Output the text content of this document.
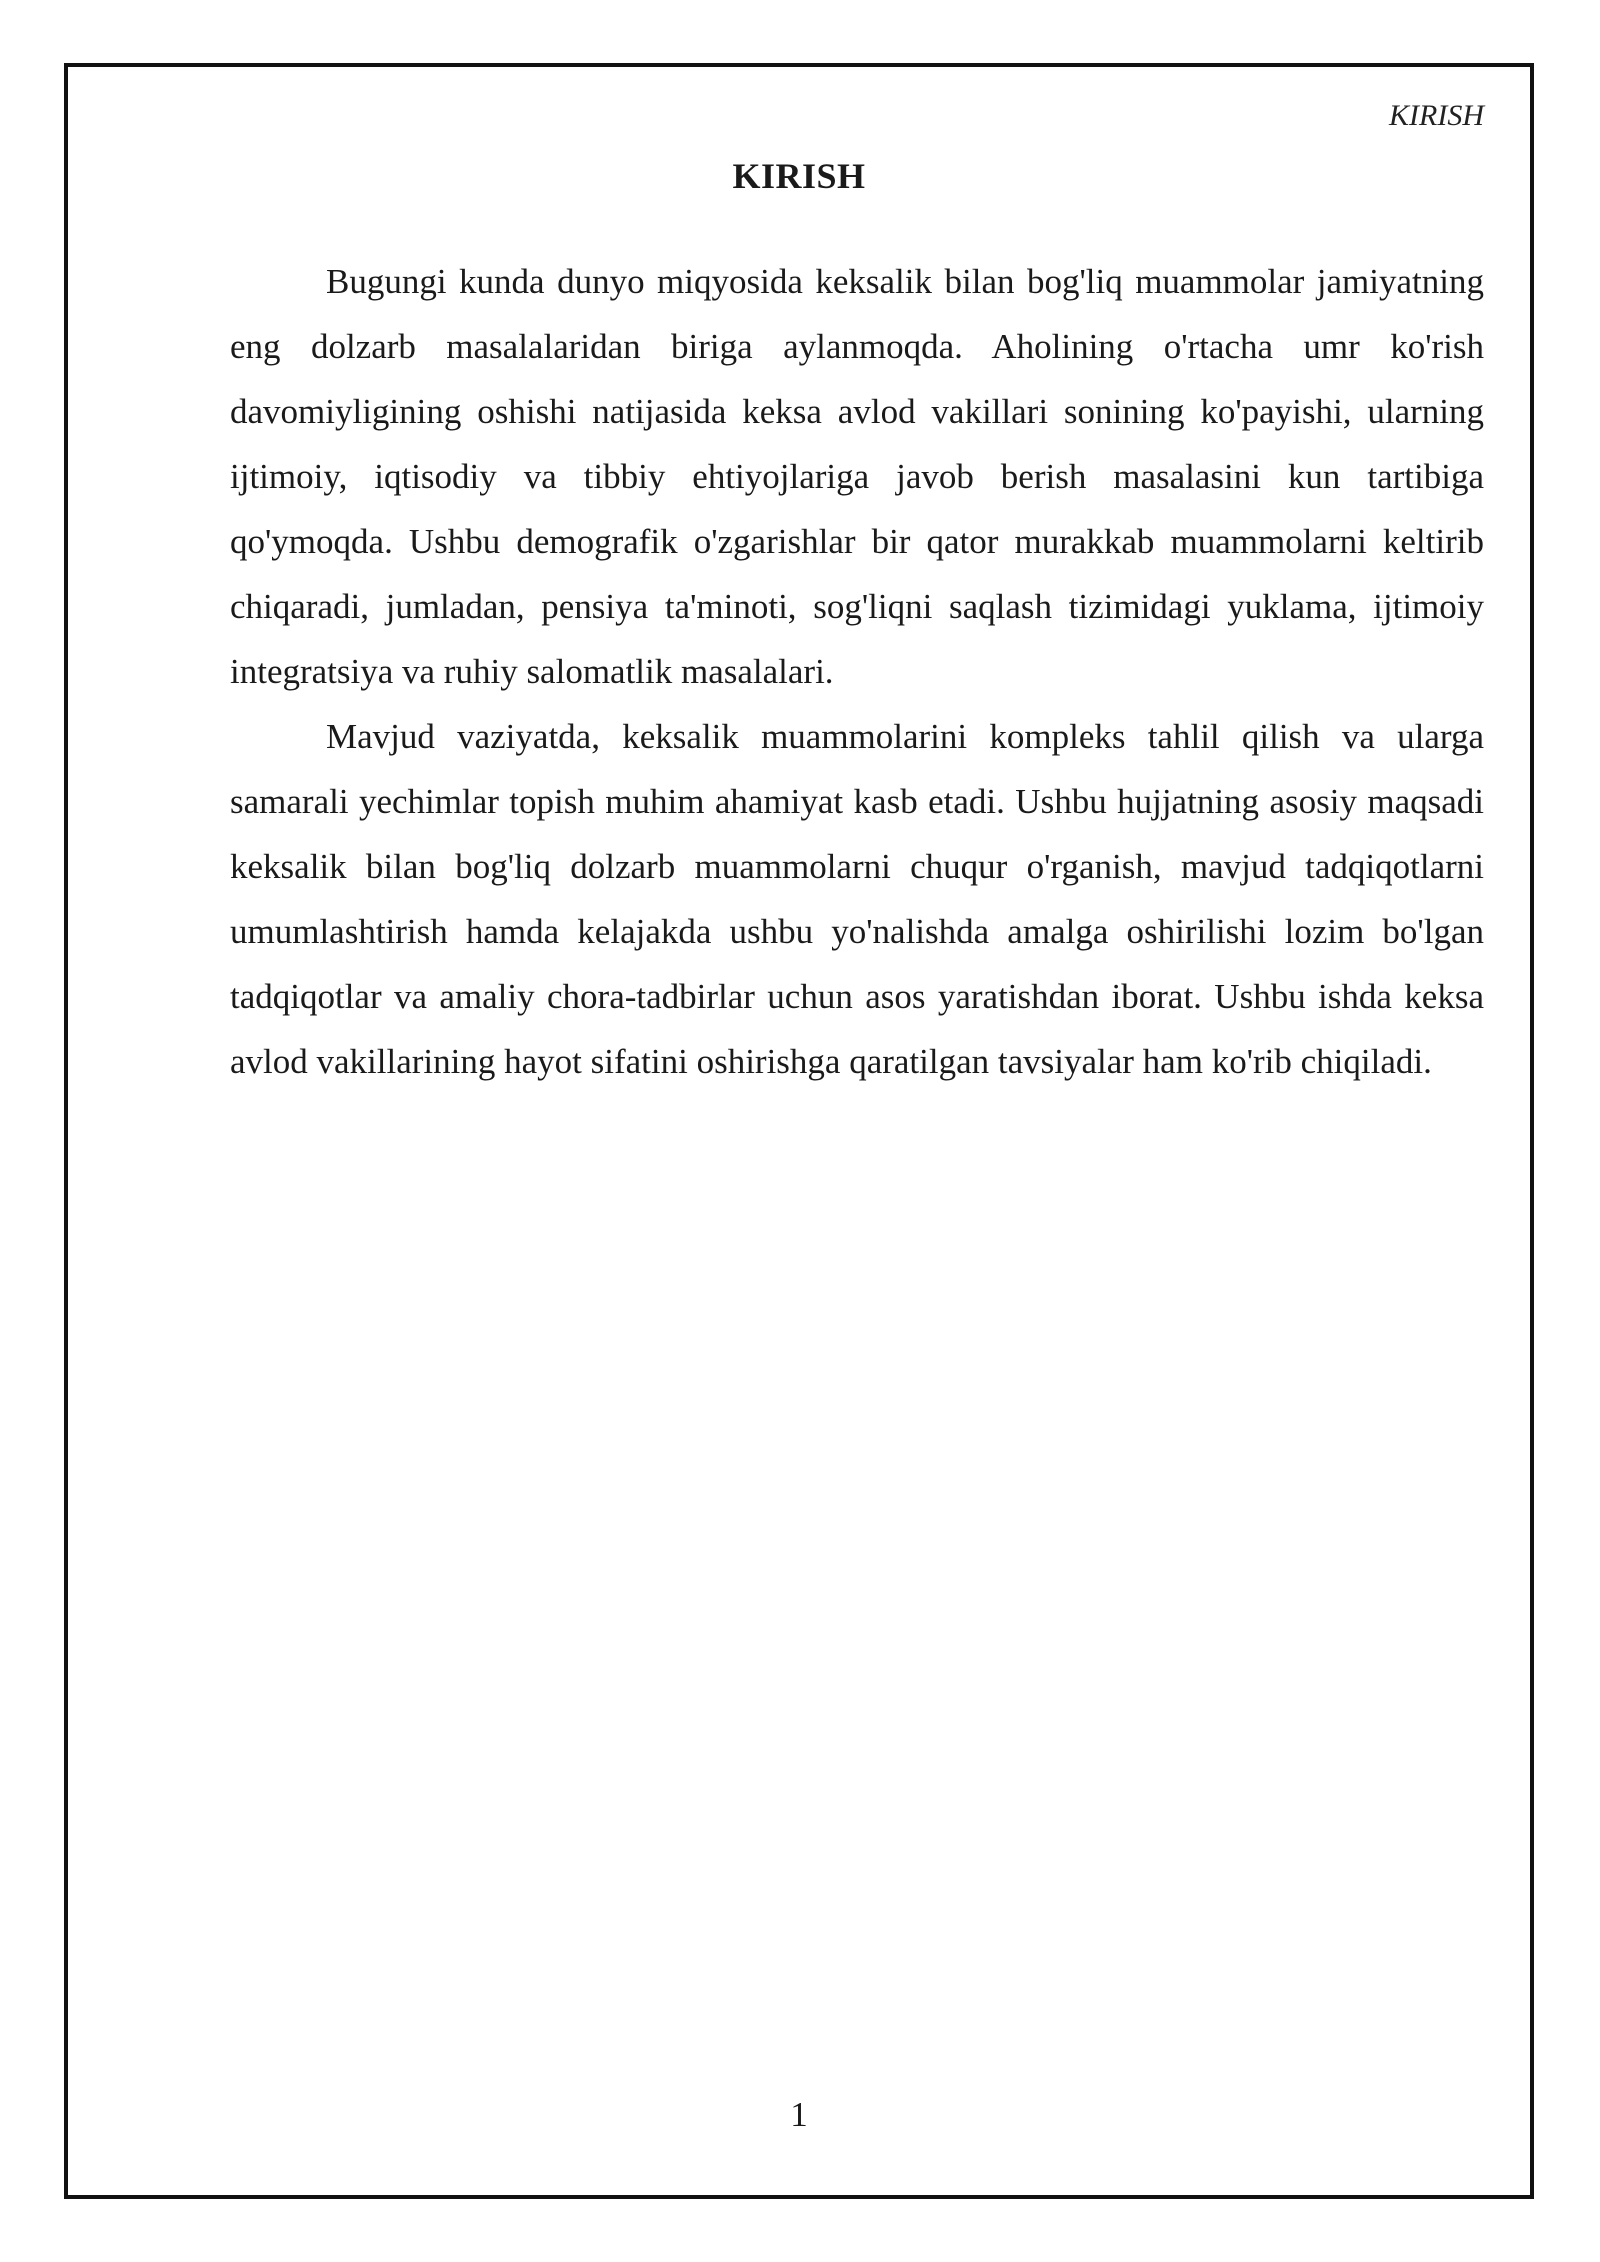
KIRISH
KIRISH

Bugungi kunda dunyo miqyosida keksalik bilan bog'liq muammolar jamiyatning eng dolzarb masalalaridan biriga aylanmoqda. Aholining o'rtacha umr ko'rish davomiyligining oshishi natijasida keksa avlod vakillari sonining ko'payishi, ularning ijtimoiy, iqtisodiy va tibbiy ehtiyojlariga javob berish masalasini kun tartibiga qo'ymoqda. Ushbu demografik o'zgarishlar bir qator murakkab muammolarni keltirib chiqaradi, jumladan, pensiya ta'minoti, sog'liqni saqlash tizimidagi yuklama, ijtimoiy integratsiya va ruhiy salomatlik masalalari.

Mavjud vaziyatda, keksalik muammolarini kompleks tahlil qilish va ularga samarali yechimlar topish muhim ahamiyat kasb etadi. Ushbu hujjatning asosiy maqsadi keksalik bilan bog'liq dolzarb muammolarni chuqur o'rganish, mavjud tadqiqotlarni umumlashtirish hamda kelajakda ushbu yo'nalishda amalga oshirilishi lozim bo'lgan tadqiqotlar va amaliy chora-tadbirlar uchun asos yaratishdan iborat. Ushbu ishda keksa avlod vakillarining hayot sifatini oshirishga qaratilgan tavsiyalar ham ko'rib chiqiladi.

1
